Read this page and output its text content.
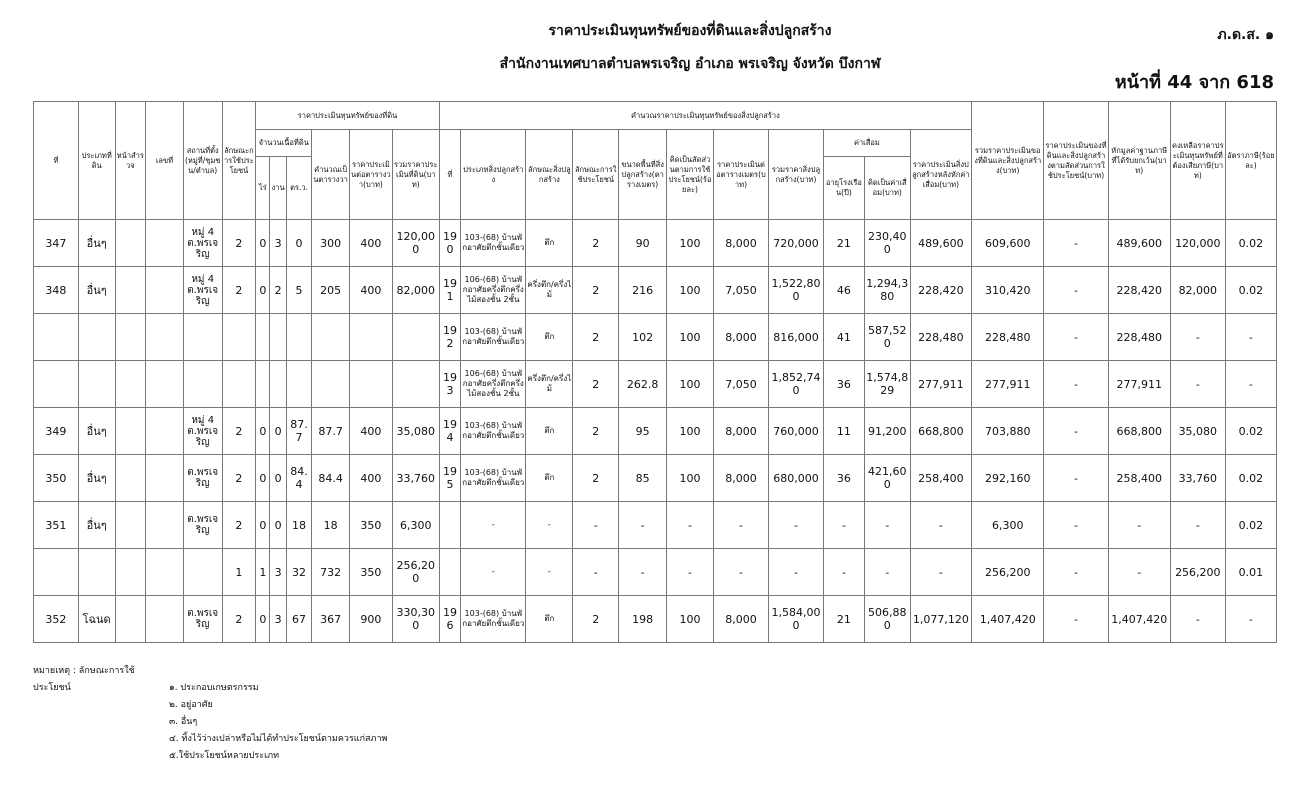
ราคาประเมินทุนทรัพย์ของที่ดินและสิ่งปลูกสร้าง
สำนักงานเทศบาลตำบลพรเจริญ อำเภอ พรเจริญ จังหวัด บึงกาฬ
ภ.ด.ส. ๑
หน้าที่ 44 จาก 618
ที่	ประเภทที่ดิน	หน้าสำรวจ	เลขที่	สถานที่ตั้ง(หมู่ที่/ชุมชน/ตำบล)	ลักษณะการใช้ประโยชน์	ราคาประเมินทุนทรัพย์ของที่ดิน						คำนวณราคาประเมินทุนทรัพย์ของสิ่งปลูกสร้าง											รวมราคาประเมินของที่ดินและสิ่งปลูกสร้าง(บาท)	ราคาประเมินของที่ดินและสิ่งปลูกสร้างตามสัดส่วนการใช้ประโยชน์(บาท)	หักมูลค่าฐานภาษีที่ได้รับยกเว้น(บาท)	คงเหลือราคาประเมินทุนทรัพย์ที่ต้องเสียภาษี(บาท)	อัตราภาษี(ร้อยละ)
						จำนวนเนื้อที่ดิน			คำนวณเป็นตารางวา	ราคาประเมินต่อตารางวา(บาท)	รวมราคาประเมินที่ดิน(บาท)	ที่	ประเภทสิ่งปลูกสร้าง	ลักษณะสิ่งปลูกสร้าง	ลักษณะการใช้ประโยชน์	ขนาดพื้นที่สิ่งปลูกสร้าง(ตารางเมตร)	คิดเป็นสัดส่วนตามการใช้ประโยชน์(ร้อยละ)	ราคาประเมินต่อตารางเมตร(บาท)	รวมราคาสิ่งปลูกสร้าง(บาท)	ค่าเสื่อม		ราคาประเมินสิ่งปลูกสร้างหลังหักค่าเสื่อม(บาท)					
						ไร่	งาน	ตร.ว.												อายุโรงเรือน(ปี)	คิดเป็นค่าเสื่อม(บาท)						
347	อื่นๆ			หมู่ 4 ต.พรเจริญ	2	0	3	0	300	400	120,000	190	103-(68) บ้านพักอาศัยตึกชั้นเดียว	ตึก	2	90	100	8,000	720,000	21	230,400	489,600	609,600	-	489,600	120,000	0.02
348	อื่นๆ			หมู่ 4 ต.พรเจริญ	2	0	2	5	205	400	82,000	191	106-(68) บ้านพักอาศัยครึ่งตึกครึ่งไม้สองชั้น 2ชั้น	ครึ่งตึก/ครึ่งไม้	2	216	100	7,050	1,522,800	46	1,294,380	228,420	310,420	-	228,420	82,000	0.02
												192	103-(68) บ้านพักอาศัยตึกชั้นเดียว	ตึก	2	102	100	8,000	816,000	41	587,520	228,480	228,480	-	228,480	-	-
												193	106-(68) บ้านพักอาศัยครึ่งตึกครึ่งไม้สองชั้น 2ชั้น	ครึ่งตึก/ครึ่งไม้	2	262.8	100	7,050	1,852,740	36	1,574,829	277,911	277,911	-	277,911	-	-
349	อื่นๆ			หมู่ 4 ต.พรเจริญ	2	0	0	87.7	87.7	400	35,080	194	103-(68) บ้านพักอาศัยตึกชั้นเดียว	ตึก	2	95	100	8,000	760,000	11	91,200	668,800	703,880	-	668,800	35,080	0.02
350	อื่นๆ			ต.พรเจริญ	2	0	0	84.4	84.4	400	33,760	195	103-(68) บ้านพักอาศัยตึกชั้นเดียว	ตึก	2	85	100	8,000	680,000	36	421,600	258,400	292,160	-	258,400	33,760	0.02
351	อื่นๆ			ต.พรเจริญ	2	0	0	18	18	350	6,300		-	-	-	-	-	-	-	-	-	-	6,300	-	-	-	0.02
					1	1	3	32	732	350	256,200		-	-	-	-	-	-	-	-	-	-	256,200	-	-	256,200	0.01
352	โฉนด			ต.พรเจริญ	2	0	3	67	367	900	330,300	196	103-(68) บ้านพักอาศัยตึกชั้นเดียว	ตึก	2	198	100	8,000	1,584,000	21	506,880	1,077,120	1,407,420	-	1,407,420	-	-
หมายเหตุ : ลักษณะการใช้ประโยชน์	๑. ประกอบเกษตรกรรม
๒. อยู่อาศัย
๓. อื่นๆ
๔. ทิ้งไว้ว่างเปล่าหรือไม่ได้ทำประโยชน์ตามควรแก่สภาพ
๕.ใช้ประโยชน์หลายประเภท
